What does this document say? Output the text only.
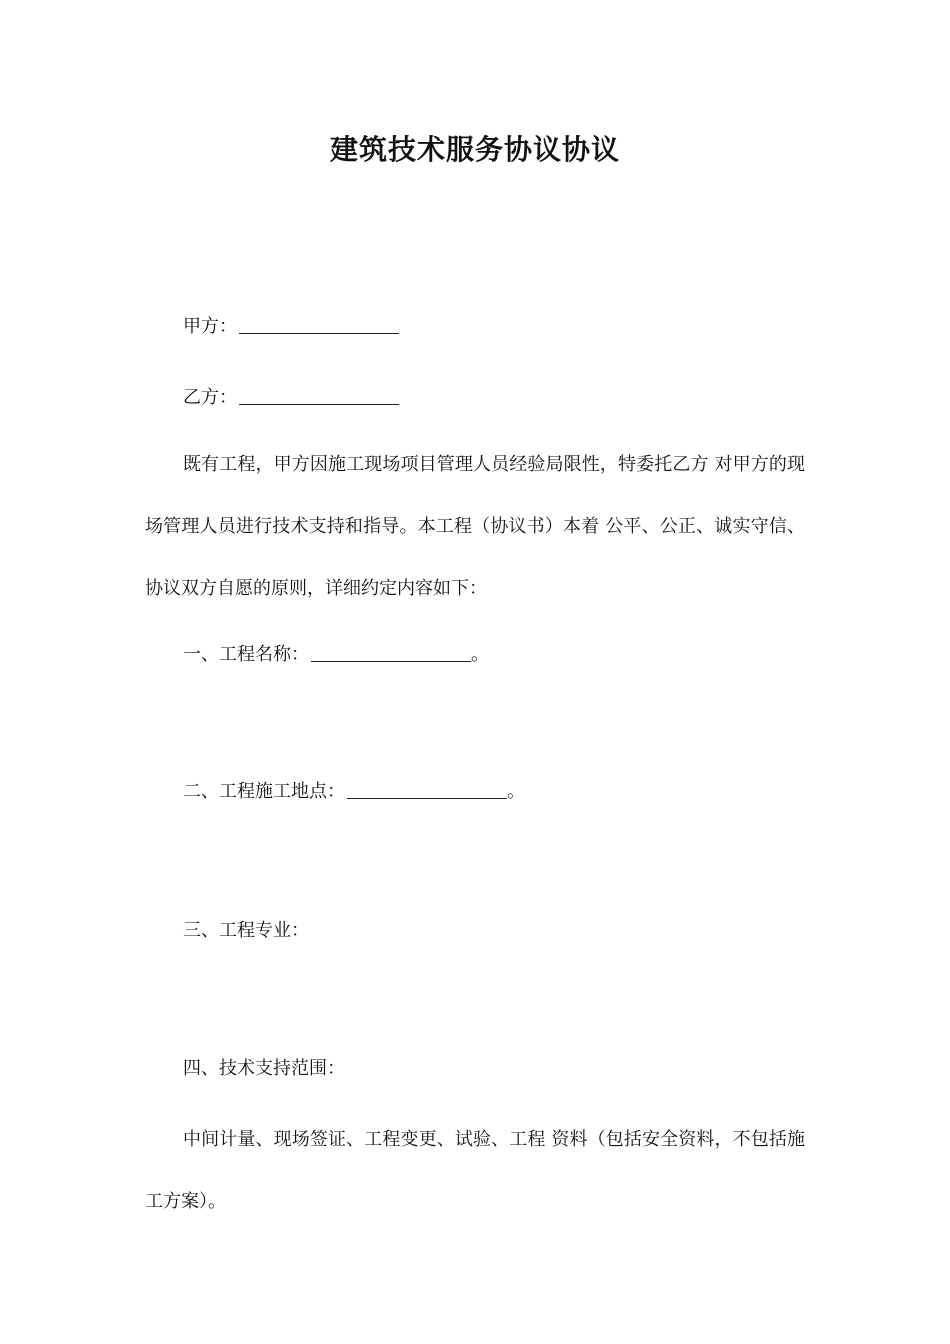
建筑技术服务协议协议
甲方：
乙方：
既有工程，甲方因施工现场项目管理人员经验局限性，特委托乙方 对甲方的现场管理人员进行技术支持和指导。本工程（协议书）本着 公平、公正、诚实守信、协议双方自愿的原则，详细约定内容如下：
一、工程名称：	。
二、工程施工地点：	。
三、工程专业：
四、技术支持范围：
中间计量、现场签证、工程变更、试验、工程 资料（包括安全资料，不包括施工方案）。
